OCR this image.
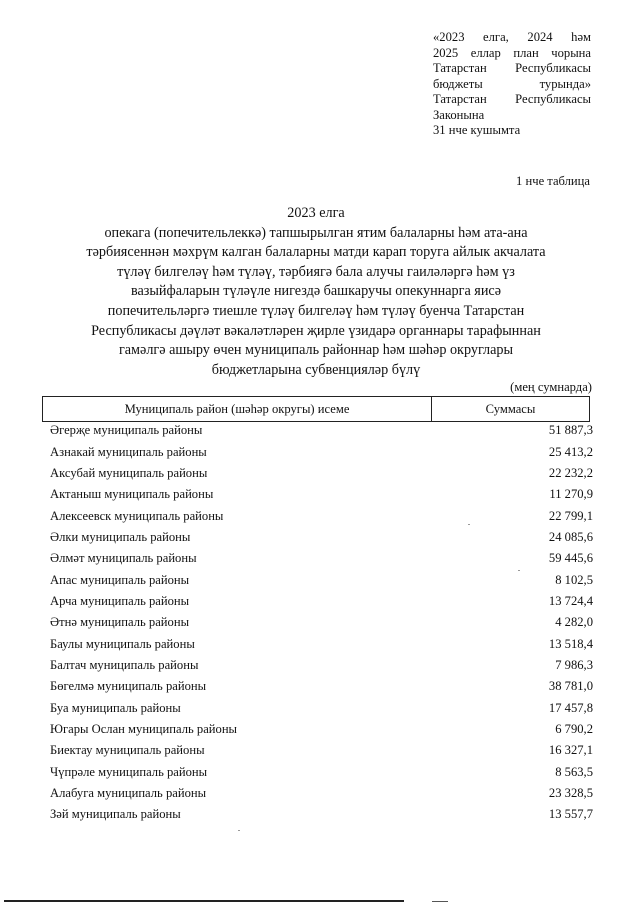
«2023 елга, 2024 һәм
2025 еллар план чорына
Татарстан Республикасы
бюджеты	турында»
Татарстан Республикасы
Законына
31 нче кушымта
1 нче таблица
2023 елга
опекага (попечительлеккә) тапшырылган ятим балаларны һәм ата-ана
тәрбиясеннән мәхрүм калган балаларны матди карап торуга айлык акчалата
түләү билгеләү һәм түләү, тәрбиягә бала алучы гаиләләргә һәм үз
вазыйфаларын түләүле нигездә башкаручы опекуннарга яисә
попечительләргә тиешле түләү билгеләү һәм түләү буенча Татарстан
Республикасы дәүләт вәкаләтләрен җирле үзидарә органнары тарафыннан
гамәлгә ашыру өчен муниципаль районнар һәм шәһәр округлары
бюджетларына субвенцияләр бүлү
(мең сумнарда)
Муниципаль район (шәһәр округы) исеме	Суммасы
Әгерҗе муниципаль районы	51 887,3
Азнакай муниципаль районы	25 413,2
Аксубай муниципаль районы	22 232,2
Актаныш муниципаль районы	11 270,9
Алексеевск муниципаль районы	22 799,1
Әлки муниципаль районы	24 085,6
Әлмәт муниципаль районы	59 445,6
Апас муниципаль районы	8 102,5
Арча муниципаль районы	13 724,4
Әтнә муниципаль районы	4 282,0
Баулы муниципаль районы	13 518,4
Балтач муниципаль районы	7 986,3
Бөгелмә муниципаль районы	38 781,0
Буа муниципаль районы	17 457,8
Югары Ослан муниципаль районы	6 790,2
Биектау муниципаль районы	16 327,1
Чүпрәле муниципаль районы	8 563,5
Алабуга муниципаль районы	23 328,5
Зәй муниципаль районы	13 557,7
